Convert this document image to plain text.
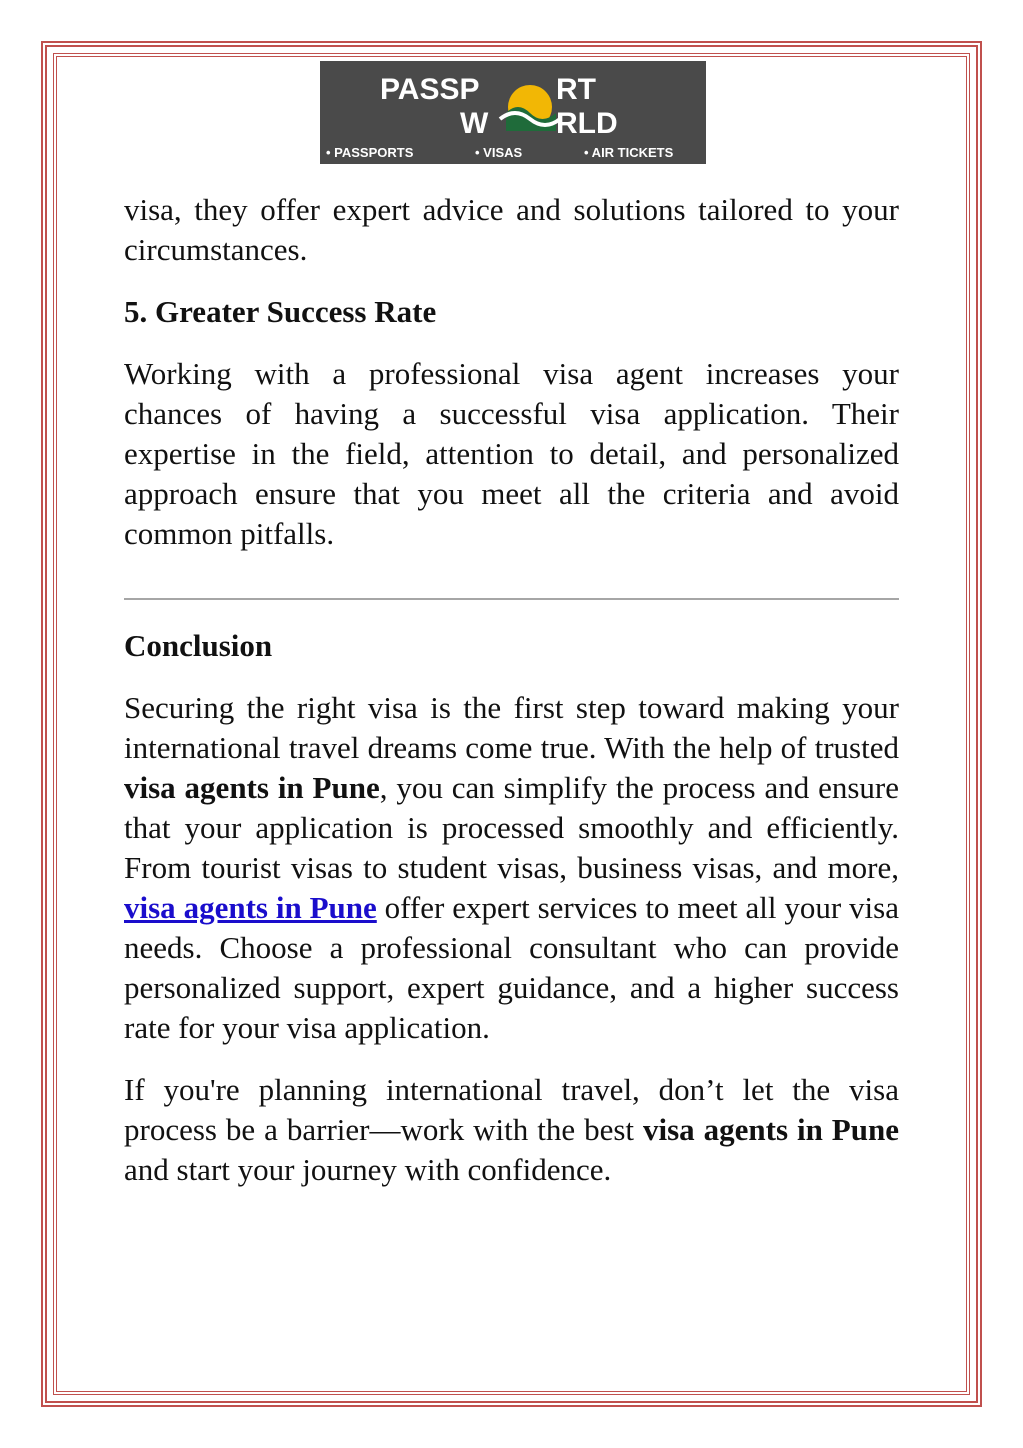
PASSP	RT
W RLD
• PASSPORTS	• VISAS	• AIR TICKETS

visa, they offer expert advice and solutions tailored to your circumstances.

5. Greater Success Rate

Working with a professional visa agent increases your chances of having a successful visa application. Their expertise in the field, attention to detail, and personalized approach ensure that you meet all the criteria and avoid common pitfalls.

Conclusion

Securing the right visa is the first step toward making your international travel dreams come true. With the help of trusted visa agents in Pune, you can simplify the process and ensure that your application is processed smoothly and efficiently. From tourist visas to student visas, business visas, and more, visa agents in Pune offer expert services to meet all your visa needs. Choose a professional consultant who can provide personalized support, expert guidance, and a higher success rate for your visa application.

If you're planning international travel, don’t let the visa process be a barrier—work with the best visa agents in Pune and start your journey with confidence.
